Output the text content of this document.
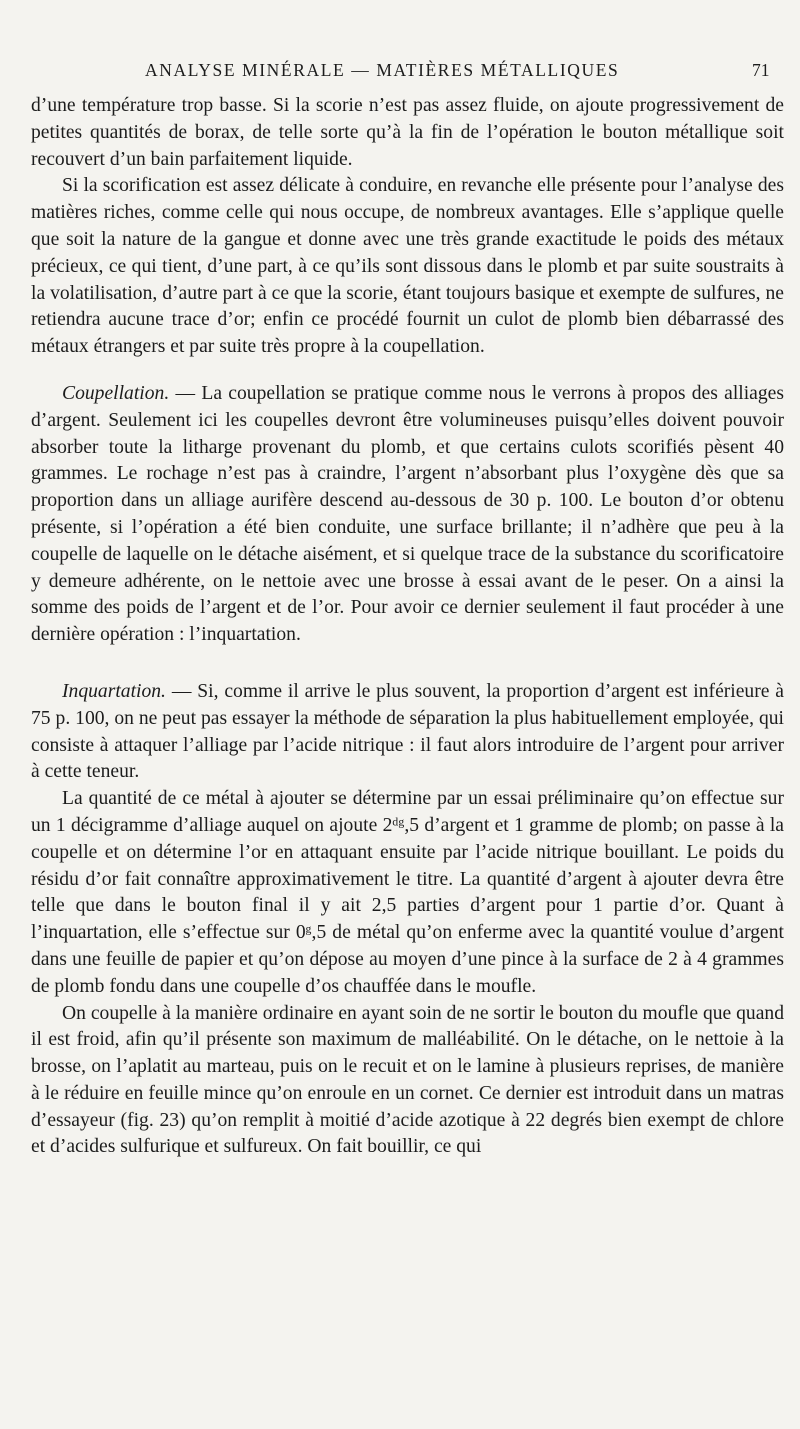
ANALYSE MINÉRALE — MATIÈRES MÉTALLIQUES	71

d’une température trop basse. Si la scorie n’est pas assez fluide, on ajoute progressivement de petites quantités de borax, de telle sorte qu’à la fin de l’opération le bouton métallique soit recouvert d’un bain parfaitement liquide.

Si la scorification est assez délicate à conduire, en revanche elle présente pour l’analyse des matières riches, comme celle qui nous occupe, de nombreux avantages. Elle s’applique quelle que soit la nature de la gangue et donne avec une très grande exactitude le poids des métaux précieux, ce qui tient, d’une part, à ce qu’ils sont dissous dans le plomb et par suite soustraits à la volatilisation, d’autre part à ce que la scorie, étant toujours basique et exempte de sulfures, ne retiendra aucune trace d’or; enfin ce procédé fournit un culot de plomb bien débarrassé des métaux étrangers et par suite très propre à la coupellation.

Coupellation. — La coupellation se pratique comme nous le verrons à propos des alliages d’argent. Seulement ici les coupelles devront être volumineuses puisqu’elles doivent pouvoir absorber toute la litharge provenant du plomb, et que certains culots scorifiés pèsent 40 grammes. Le rochage n’est pas à craindre, l’argent n’absorbant plus l’oxygène dès que sa proportion dans un alliage aurifère descend au-dessous de 30 p. 100. Le bouton d’or obtenu présente, si l’opération a été bien conduite, une surface brillante; il n’adhère que peu à la coupelle de laquelle on le détache aisément, et si quelque trace de la substance du scorificatoire y demeure adhérente, on le nettoie avec une brosse à essai avant de le peser. On a ainsi la somme des poids de l’argent et de l’or. Pour avoir ce dernier seulement il faut procéder à une dernière opération : l’inquartation.

Inquartation. — Si, comme il arrive le plus souvent, la proportion d’argent est inférieure à 75 p. 100, on ne peut pas essayer la méthode de séparation la plus habituellement employée, qui consiste à attaquer l’alliage par l’acide nitrique : il faut alors introduire de l’argent pour arriver à cette teneur.

La quantité de ce métal à ajouter se détermine par un essai préliminaire qu’on effectue sur un 1 décigramme d’alliage auquel on ajoute 2ᵈᵍ,5 d’argent et 1 gramme de plomb; on passe à la coupelle et on détermine l’or en attaquant ensuite par l’acide nitrique bouillant. Le poids du résidu d’or fait connaître approximativement le titre. La quantité d’argent à ajouter devra être telle que dans le bouton final il y ait 2,5 parties d’argent pour 1 partie d’or. Quant à l’inquartation, elle s’effectue sur 0ᵍ,5 de métal qu’on enferme avec la quantité voulue d’argent dans une feuille de papier et qu’on dépose au moyen d’une pince à la surface de 2 à 4 grammes de plomb fondu dans une coupelle d’os chauffée dans le moufle.

On coupelle à la manière ordinaire en ayant soin de ne sortir le bouton du moufle que quand il est froid, afin qu’il présente son maximum de malléabilité. On le détache, on le nettoie à la brosse, on l’aplatit au marteau, puis on le recuit et on le lamine à plusieurs reprises, de manière à le réduire en feuille mince qu’on enroule en un cornet. Ce dernier est introduit dans un matras d’essayeur (fig. 23) qu’on remplit à moitié d’acide azotique à 22 degrés bien exempt de chlore et d’acides sulfurique et sulfureux. On fait bouillir, ce qui
